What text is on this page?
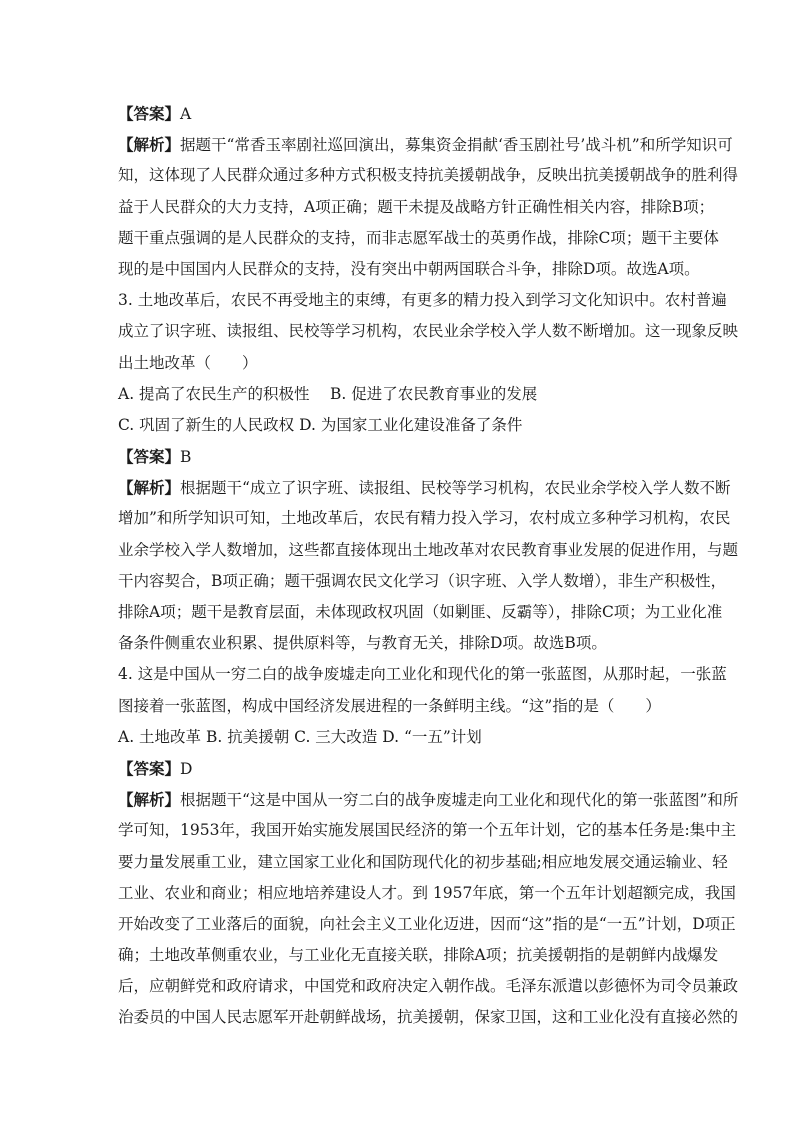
【答案】A
【解析】据题干“常香玉率剧社巡回演出，募集资金捐献‘香玉剧社号’战斗机”和所学知识可
知，这体现了人民群众通过多种方式积极支持抗美援朝战争，反映出抗美援朝战争的胜利得
益于人民群众的大力支持，A项正确；题干未提及战略方针正确性相关内容，排除B项；
题干重点强调的是人民群众的支持，而非志愿军战士的英勇作战，排除C项；题干主要体
现的是中国国内人民群众的支持，没有突出中朝两国联合斗争，排除D项。故选A项。
3. 土地改革后，农民不再受地主的束缚，有更多的精力投入到学习文化知识中。农村普遍
成立了识字班、读报组、民校等学习机构，农民业余学校入学人数不断增加。这一现象反映
出土地改革（　　）
A. 提高了农民生产的积极性　 B. 促进了农民教育事业的发展
C. 巩固了新生的人民政权 D. 为国家工业化建设准备了条件
【答案】B
【解析】根据题干“成立了识字班、读报组、民校等学习机构，农民业余学校入学人数不断
增加”和所学知识可知，土地改革后，农民有精力投入学习，农村成立多种学习机构，农民
业余学校入学人数增加，这些都直接体现出土地改革对农民教育事业发展的促进作用，与题
干内容契合，B项正确；题干强调农民文化学习（识字班、入学人数增），非生产积极性，
排除A项；题干是教育层面，未体现政权巩固（如剿匪、反霸等），排除C项；为工业化准
备条件侧重农业积累、提供原料等，与教育无关，排除D项。故选B项。
4. 这是中国从一穷二白的战争废墟走向工业化和现代化的第一张蓝图，从那时起，一张蓝
图接着一张蓝图，构成中国经济发展进程的一条鲜明主线。“这”指的是（　　）
A. 土地改革 B. 抗美援朝 C. 三大改造 D. “一五”计划
【答案】D
【解析】根据题干“这是中国从一穷二白的战争废墟走向工业化和现代化的第一张蓝图”和所
学可知，1953年，我国开始实施发展国民经济的第一个五年计划，它的基本任务是:集中主
要力量发展重工业，建立国家工业化和国防现代化的初步基础;相应地发展交通运输业、轻
工业、农业和商业；相应地培养建设人才。到 1957年底，第一个五年计划超额完成，我国
开始改变了工业落后的面貌，向社会主义工业化迈进，因而“这”指的是“一五”计划，D项正
确；土地改革侧重农业，与工业化无直接关联，排除A项；抗美援朝指的是朝鲜内战爆发
后，应朝鲜党和政府请求，中国党和政府决定入朝作战。毛泽东派遣以彭德怀为司令员兼政
治委员的中国人民志愿军开赴朝鲜战场，抗美援朝，保家卫国，这和工业化没有直接必然的
